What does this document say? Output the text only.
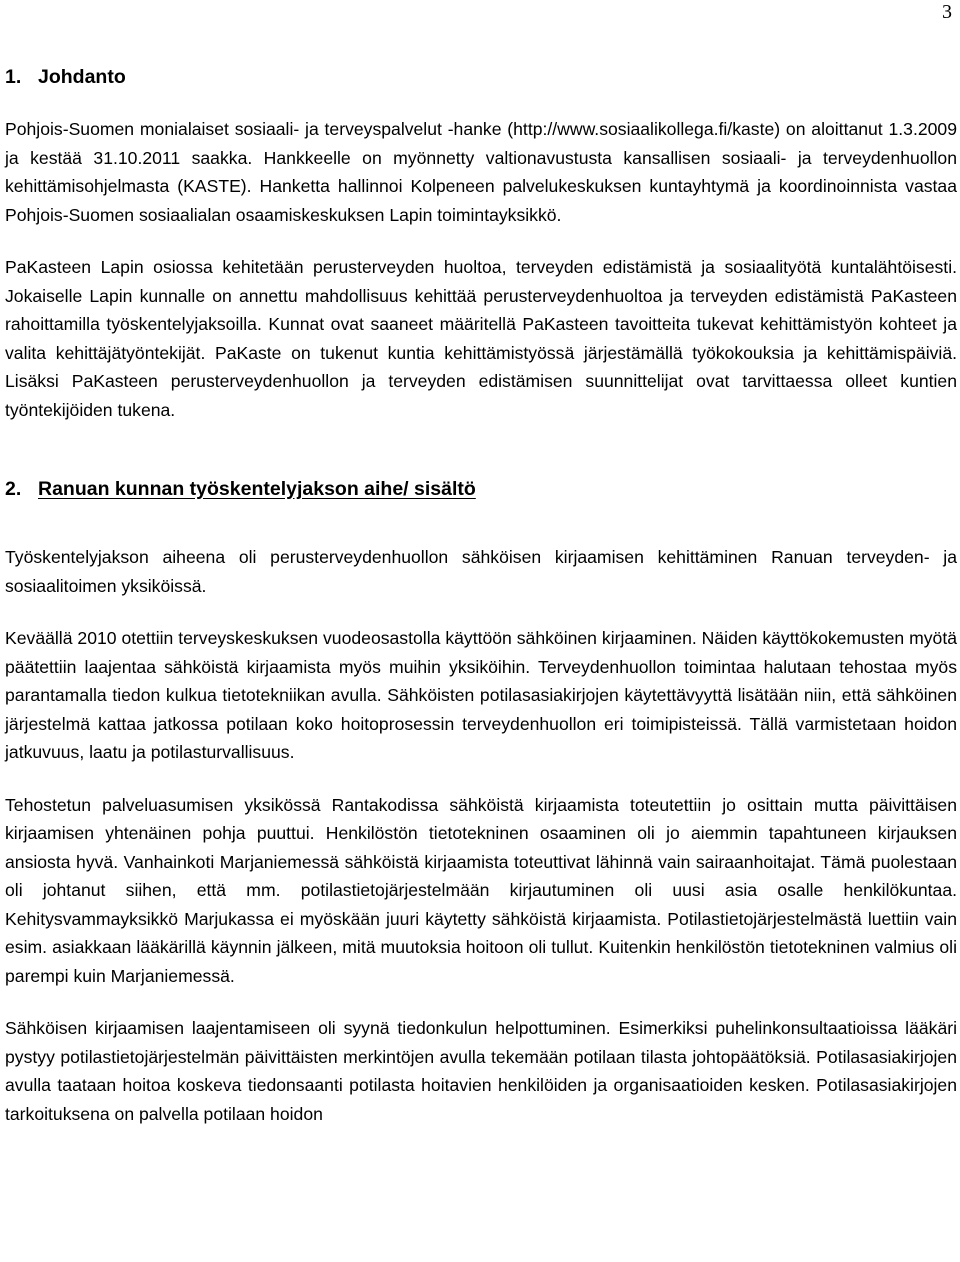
3
1. Johdanto

Pohjois-Suomen monialaiset sosiaali- ja terveyspalvelut -hanke (http://www.sosiaalikollega.fi/kaste) on aloittanut 1.3.2009 ja kestää 31.10.2011 saakka. Hankkeelle on myönnetty valtionavustusta kansallisen sosiaali- ja terveydenhuollon kehittämisohjelmasta (KASTE). Hanketta hallinnoi Kolpeneen palvelukeskuksen kuntayhtymä ja koordinoinnista vastaa Pohjois-Suomen sosiaalialan osaamiskeskuksen Lapin toimintayksikkö.

PaKasteen Lapin osiossa kehitetään perusterveyden huoltoa, terveyden edistämistä ja sosiaalityötä kuntalähtöisesti. Jokaiselle Lapin kunnalle on annettu mahdollisuus kehittää perusterveydenhuoltoa ja terveyden edistämistä PaKasteen rahoittamilla työskentelyjaksoilla. Kunnat ovat saaneet määritellä PaKasteen tavoitteita tukevat kehittämistyön kohteet ja valita kehittäjätyöntekijät. PaKaste on tukenut kuntia kehittämistyössä järjestämällä työkokouksia ja kehittämispäiviä. Lisäksi PaKasteen perusterveydenhuollon ja terveyden edistämisen suunnittelijat ovat tarvittaessa olleet kuntien työntekijöiden tukena.

2. Ranuan kunnan työskentelyjakson aihe/ sisältö

Työskentelyjakson aiheena oli perusterveydenhuollon sähköisen kirjaamisen kehittäminen Ranuan terveyden- ja sosiaalitoimen yksiköissä.

Keväällä 2010 otettiin terveyskeskuksen vuodeosastolla käyttöön sähköinen kirjaaminen. Näiden käyttökokemusten myötä päätettiin laajentaa sähköistä kirjaamista myös muihin yksiköihin. Terveydenhuollon toimintaa halutaan tehostaa myös parantamalla tiedon kulkua tietotekniikan avulla. Sähköisten potilasasiakirjojen käytettävyyttä lisätään niin, että sähköinen järjestelmä kattaa jatkossa potilaan koko hoitoprosessin terveydenhuollon eri toimipisteissä. Tällä varmistetaan hoidon jatkuvuus, laatu ja potilasturvallisuus.

Tehostetun palveluasumisen yksikössä Rantakodissa sähköistä kirjaamista toteutettiin jo osittain mutta päivittäisen kirjaamisen yhtenäinen pohja puuttui. Henkilöstön tietotekninen osaaminen oli jo aiemmin tapahtuneen kirjauksen ansiosta hyvä. Vanhainkoti Marjaniemessä sähköistä kirjaamista toteuttivat lähinnä vain sairaanhoitajat. Tämä puolestaan oli johtanut siihen, että mm. potilastietojärjestelmään kirjautuminen oli uusi asia osalle henkilökuntaa. Kehitysvammayksikkö Marjukassa ei myöskään juuri käytetty sähköistä kirjaamista. Potilastietojärjestelmästä luettiin vain esim. asiakkaan lääkärillä käynnin jälkeen, mitä muutoksia hoitoon oli tullut. Kuitenkin henkilöstön tietotekninen valmius oli parempi kuin Marjaniemessä.

Sähköisen kirjaamisen laajentamiseen oli syynä tiedonkulun helpottuminen. Esimerkiksi puhelinkonsultaatioissa lääkäri pystyy potilastietojärjestelmän päivittäisten merkintöjen avulla tekemään potilaan tilasta johtopäätöksiä. Potilasasiakirjojen avulla taataan hoitoa koskeva tiedonsaanti potilasta hoitavien henkilöiden ja organisaatioiden kesken. Potilasasiakirjojen tarkoituksena on palvella potilaan hoidon
